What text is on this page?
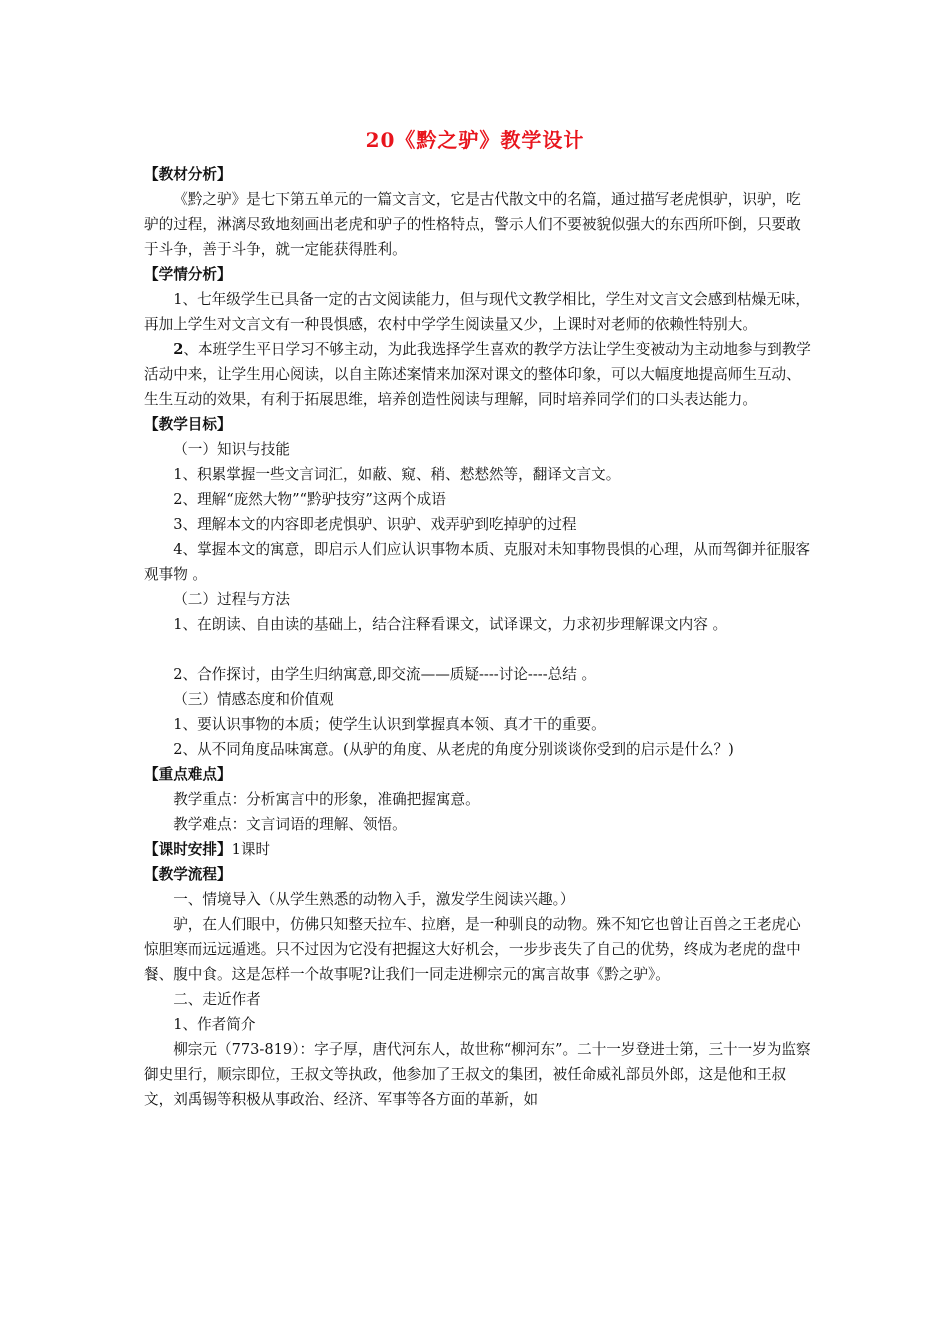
20《黔之驴》教学设计

【教材分析】

《黔之驴》是七下第五单元的一篇文言文，它是古代散文中的名篇，通过描写老虎惧驴，识驴，吃驴的过程，淋漓尽致地刻画出老虎和驴子的性格特点，警示人们不要被貌似强大的东西所吓倒，只要敢于斗争，善于斗争，就一定能获得胜利。

【学情分析】

1、七年级学生已具备一定的古文阅读能力，但与现代文教学相比，学生对文言文会感到枯燥无味，再加上学生对文言文有一种畏惧感，农村中学学生阅读量又少，上课时对老师的依赖性特别大。

2、本班学生平日学习不够主动，为此我选择学生喜欢的教学方法让学生变被动为主动地参与到教学活动中来，让学生用心阅读，以自主陈述案情来加深对课文的整体印象，可以大幅度地提高师生互动、生生互动的效果，有利于拓展思维，培养创造性阅读与理解，同时培养同学们的口头表达能力。

【教学目标】

（一）知识与技能

1、积累掌握一些文言词汇，如蔽、窥、稍、慭慭然等，翻译文言文。

2、理解“庞然大物”“黔驴技穷”这两个成语

3、理解本文的内容即老虎惧驴、识驴、戏弄驴到吃掉驴的过程

4、掌握本文的寓意，即启示人们应认识事物本质、克服对未知事物畏惧的心理，从而驾御并征服客观事物 。

（二）过程与方法

1、在朗读、自由读的基础上，结合注释看课文，试译课文，力求初步理解课文内容 。

2、合作探讨，由学生归纳寓意,即交流——质疑----讨论----总结 。

（三）情感态度和价值观

1、要认识事物的本质；使学生认识到掌握真本领、真才干的重要。

2、从不同角度品味寓意。(从驴的角度、从老虎的角度分别谈谈你受到的启示是什么？)

【重点难点】

教学重点：分析寓言中的形象，准确把握寓意。

教学难点：文言词语的理解、领悟。

【课时安排】1课时

【教学流程】

一、情境导入（从学生熟悉的动物入手，激发学生阅读兴趣。）

驴，在人们眼中，仿佛只知整天拉车、拉磨，是一种驯良的动物。殊不知它也曾让百兽之王老虎心惊胆寒而远远遁逃。只不过因为它没有把握这大好机会，一步步丧失了自己的优势，终成为老虎的盘中餐、腹中食。这是怎样一个故事呢?让我们一同走进柳宗元的寓言故事《黔之驴》。

二、走近作者

1、作者简介

柳宗元（773-819）：字子厚，唐代河东人，故世称“柳河东”。二十一岁登进士第，三十一岁为监察御史里行，顺宗即位，王叔文等执政，他参加了王叔文的集团，被任命威礼部员外郎，这是他和王叔文，刘禹锡等积极从事政治、经济、军事等各方面的革新，如
